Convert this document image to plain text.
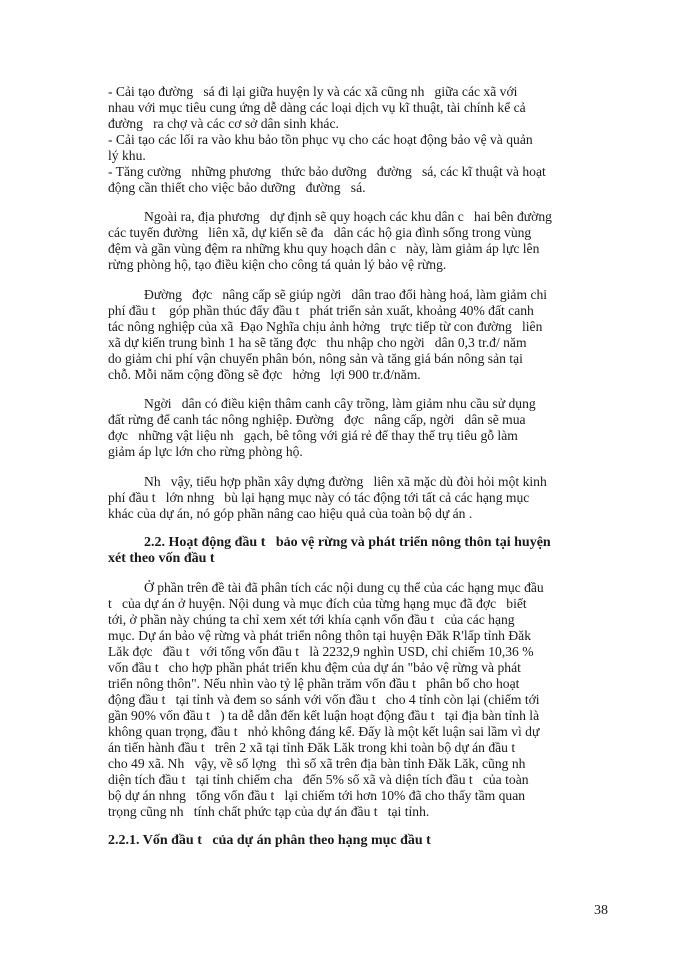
- Cải tạo đường   sá đi lại giữa huyện ly và các xã cũng nh   giữa các xã với
nhau với mục tiêu cung ứng dễ dàng các loại dịch vụ kĩ thuật, tài chính kể cả
đường   ra chợ và các cơ sở dân sinh khác.
- Cải tạo các lối ra vào khu bảo tồn phục vụ cho các hoạt động bảo vệ và quản
lý khu.
- Tăng cường   những phương   thức bảo dưỡng   đường   sá, các kĩ thuật và hoạt
động cần thiết cho việc bảo dưỡng   đường   sá.
Ngoài ra, địa phương   dự định sẽ quy hoạch các khu dân c   hai bên đường
các tuyến đường   liên xã, dự kiến sẽ đa   dân các hộ gia đình sống trong vùng
đệm và gần vùng đệm ra những khu quy hoạch dân c   này, làm giảm áp lực lên
rừng phòng hộ, tạo điều kiện cho công tá quản lý bảo vệ rừng.
Đường   đợc   nâng cấp sẽ giúp ngời   dân trao đổi hàng hoá, làm giảm chi
phí đầu t    góp phần thúc đẩy đầu t   phát triển sản xuất, khoảng 40% đất canh
tác nông nghiệp của xã  Đạo Nghĩa chịu ảnh hởng   trực tiếp từ con đường   liên
xã dự kiến trung bình 1 ha sẽ tăng đợc   thu nhập cho ngời   dân 0,3 tr.đ/ năm
do giảm chi phí vận chuyển phân bón, nông sản và tăng giá bán nông sản tại
chỗ. Mỗi năm cộng đồng sẽ đợc   hởng   lợi 900 tr.đ/năm.
Ngời   dân có điều kiện thâm canh cây trồng, làm giảm nhu cầu sử dụng
đất rừng để canh tác nông nghiệp. Đường   đợc   nâng cấp, ngời   dân sẽ mua
đợc   những vật liệu nh   gạch, bê tông với giá rẻ để thay thế trụ tiêu gỗ làm
giảm áp lực lớn cho rừng phòng hộ.
Nh   vậy, tiểu hợp phần xây dựng đường   liên xã mặc dù đòi hỏi một kinh
phí đầu t   lớn nhng   bù lại hạng mục này có tác động tới tất cả các hạng mục
khác của dự án, nó góp phần nâng cao hiệu quả của toàn bộ dự án .
2.2. Hoạt động đầu t   bảo vệ rừng và phát triển nông thôn tại huyện
xét theo vốn đầu t
Ở phần trên đề tài đã phân tích các nội dung cụ thể của các hạng mục đầu
t   của dự án ở huyện. Nội dung và mục đích của từng hạng mục đã đợc   biết
tới, ở phần này chúng ta chỉ xem xét tới khía cạnh vốn đầu t   của các hạng
mục. Dự án bảo vệ rừng và phát triển nông thôn tại huyện Đăk R'lấp tỉnh Đăk
Lăk đợc   đầu t   với tổng vốn đầu t   là 2232,9 nghìn USD, chỉ chiếm 10,36 %
vốn đầu t   cho hợp phần phát triển khu đệm của dự án "bảo vệ rừng và phát
triển nông thôn". Nếu nhìn vào tỷ lệ phần trăm vốn đầu t   phân bổ cho hoạt
động đầu t   tại tỉnh và đem so sánh với vốn đầu t   cho 4 tỉnh còn lại (chiếm tới
gần 90% vốn đầu t   ) ta dễ dẫn đến kết luận hoạt động đầu t   tại địa bàn tỉnh là
không quan trọng, đầu t   nhỏ không đáng kể. Đấy là một kết luận sai lầm vì dự
án tiến hành đầu t   trên 2 xã tại tỉnh Đăk Lăk trong khi toàn bộ dự án đầu t
cho 49 xã. Nh   vậy, về số lợng   thì số xã trên địa bàn tỉnh Đăk Lăk, cũng nh
diện tích đầu t   tại tỉnh chiếm cha   đến 5% số xã và diện tích đầu t   của toàn
bộ dự án nhng   tổng vốn đầu t   lại chiếm tới hơn 10% đã cho thấy tầm quan
trọng cũng nh   tính chất phức tạp của dự án đầu t   tại tỉnh.
2.2.1. Vốn đầu t   của dự án phân theo hạng mục đầu t
38
